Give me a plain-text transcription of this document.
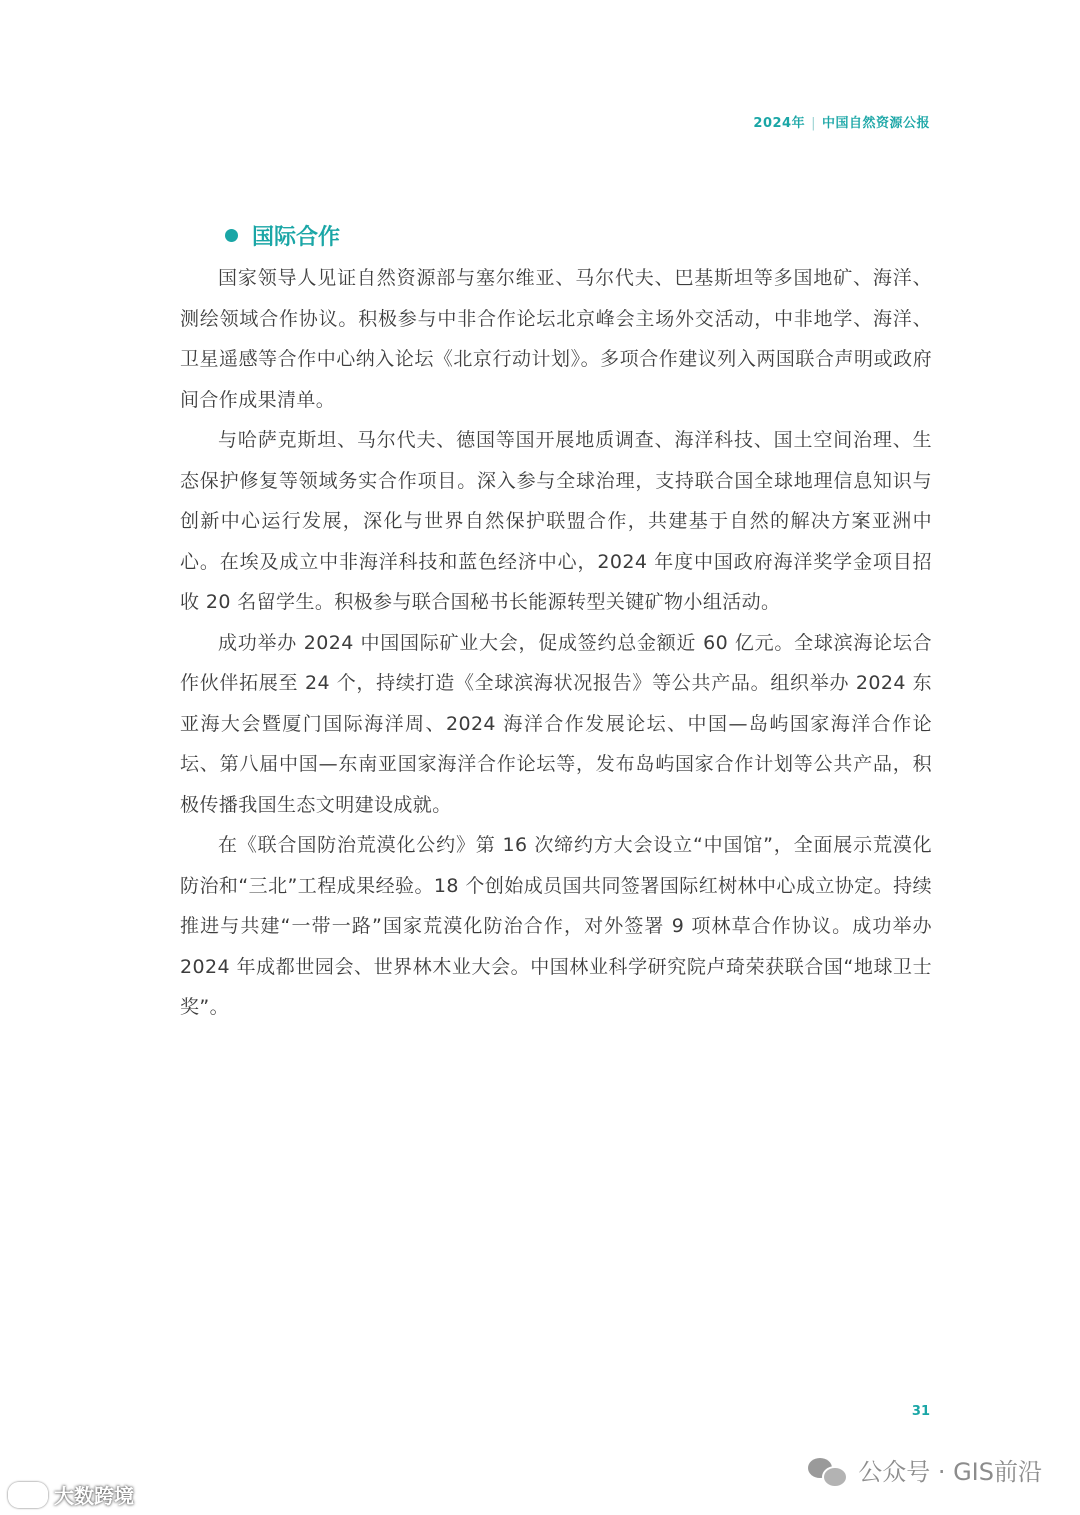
2024年 | 中国自然资源公报
国际合作

国家领导人见证自然资源部与塞尔维亚、马尔代夫、巴基斯坦等多国地矿、海洋、测绘领域合作协议。积极参与中非合作论坛北京峰会主场外交活动，中非地学、海洋、卫星遥感等合作中心纳入论坛《北京行动计划》。多项合作建议列入两国联合声明或政府间合作成果清单。

与哈萨克斯坦、马尔代夫、德国等国开展地质调查、海洋科技、国土空间治理、生态保护修复等领域务实合作项目。深入参与全球治理，支持联合国全球地理信息知识与创新中心运行发展，深化与世界自然保护联盟合作，共建基于自然的解决方案亚洲中心。在埃及成立中非海洋科技和蓝色经济中心，2024 年度中国政府海洋奖学金项目招收 20 名留学生。积极参与联合国秘书长能源转型关键矿物小组活动。

成功举办 2024 中国国际矿业大会，促成签约总金额近 60 亿元。全球滨海论坛合作伙伴拓展至 24 个，持续打造《全球滨海状况报告》等公共产品。组织举办 2024 东亚海大会暨厦门国际海洋周、2024 海洋合作发展论坛、中国—岛屿国家海洋合作论坛、第八届中国—东南亚国家海洋合作论坛等，发布岛屿国家合作计划等公共产品，积极传播我国生态文明建设成就。

在《联合国防治荒漠化公约》第 16 次缔约方大会设立“中国馆”，全面展示荒漠化防治和“三北”工程成果经验。18 个创始成员国共同签署国际红树林中心成立协定。持续推进与共建“一带一路”国家荒漠化防治合作，对外签署 9 项林草合作协议。成功举办 2024 年成都世园会、世界林木业大会。中国林业科学研究院卢琦荣获联合国“地球卫士奖”。

31
公众号 · GIS前沿
大数跨境
